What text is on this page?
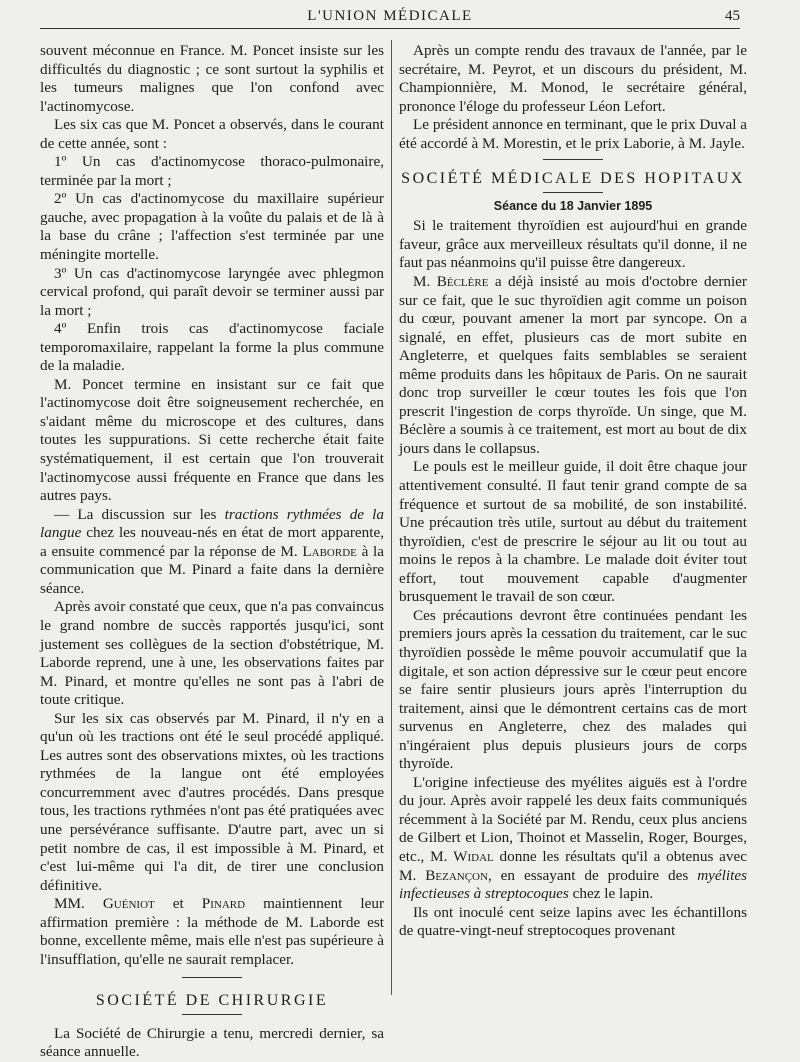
L'UNION MÉDICALE	45

souvent méconnue en France. M. Poncet insiste sur les difficultés du diagnostic ; ce sont surtout la syphilis et les tumeurs malignes que l'on confond avec l'actinomycose.

Les six cas que M. Poncet a observés, dans le courant de cette année, sont :

1º Un cas d'actinomycose thoraco-pulmonaire, terminée par la mort ;

2º Un cas d'actinomycose du maxillaire supérieur gauche, avec propagation à la voûte du palais et de là à la base du crâne ; l'affection s'est terminée par une méningite mortelle.

3º Un cas d'actinomycose laryngée avec phlegmon cervical profond, qui paraît devoir se terminer aussi par la mort ;

4º Enfin trois cas d'actinomycose faciale temporomaxilaire, rappelant la forme la plus commune de la maladie.

M. Poncet termine en insistant sur ce fait que l'actinomycose doit être soigneusement recherchée, en s'aidant même du microscope et des cultures, dans toutes les suppurations. Si cette recherche était faite systématiquement, il est certain que l'on trouverait l'actinomycose aussi fréquente en France que dans les autres pays.

— La discussion sur les tractions rythmées de la langue chez les nouveau-nés en état de mort apparente, a ensuite commencé par la réponse de M. Laborde à la communication que M. Pinard a faite dans la dernière séance.

Après avoir constaté que ceux, que n'a pas convaincus le grand nombre de succès rapportés jusqu'ici, sont justement ses collègues de la section d'obstétrique, M. Laborde reprend, une à une, les observations faites par M. Pinard, et montre qu'elles ne sont pas à l'abri de toute critique.

Sur les six cas observés par M. Pinard, il n'y en a qu'un où les tractions ont été le seul procédé appliqué. Les autres sont des observations mixtes, où les tractions rythmées de la langue ont été employées concurremment avec d'autres procédés. Dans presque tous, les tractions rythmées n'ont pas été pratiquées avec une persévérance suffisante. D'autre part, avec un si petit nombre de cas, il est impossible à M. Pinard, et c'est lui-même qui l'a dit, de tirer une conclusion définitive.

MM. Guéniot et Pinard maintiennent leur affirmation première : la méthode de M. Laborde est bonne, excellente même, mais elle n'est pas supérieure à l'insufflation, qu'elle ne saurait remplacer.

SOCIÉTÉ DE CHIRURGIE

La Société de Chirurgie a tenu, mercredi dernier, sa séance annuelle.

Après un compte rendu des travaux de l'année, par le secrétaire, M. Peyrot, et un discours du président, M. Championnière, M. Monod, le secrétaire général, prononce l'éloge du professeur Léon Lefort.

Le président annonce en terminant, que le prix Duval a été accordé à M. Morestin, et le prix Laborie, à M. Jayle.

SOCIÉTÉ MÉDICALE DES HOPITAUX
Séance du 18 Janvier 1895

Si le traitement thyroïdien est aujourd'hui en grande faveur, grâce aux merveilleux résultats qu'il donne, il ne faut pas néanmoins qu'il puisse être dangereux.

M. Béclère a déjà insisté au mois d'octobre dernier sur ce fait, que le suc thyroïdien agit comme un poison du cœur, pouvant amener la mort par syncope. On a signalé, en effet, plusieurs cas de mort subite en Angleterre, et quelques faits semblables se seraient même produits dans les hôpitaux de Paris. On ne saurait donc trop surveiller le cœur toutes les fois que l'on prescrit l'ingestion de corps thyroïde. Un singe, que M. Béclère a soumis à ce traitement, est mort au bout de dix jours dans le collapsus.

Le pouls est le meilleur guide, il doit être chaque jour attentivement consulté. Il faut tenir grand compte de sa fréquence et surtout de sa mobilité, de son instabilité. Une précaution très utile, surtout au début du traitement thyroïdien, c'est de prescrire le séjour au lit ou tout au moins le repos à la chambre. Le malade doit éviter tout effort, tout mouvement capable d'augmenter brusquement le travail de son cœur.

Ces précautions devront être continuées pendant les premiers jours après la cessation du traitement, car le suc thyroïdien possède le même pouvoir accumulatif que la digitale, et son action dépressive sur le cœur peut encore se faire sentir plusieurs jours après l'interruption du traitement, ainsi que le démontrent certains cas de mort survenus en Angleterre, chez des malades qui n'ingéraient plus depuis plusieurs jours de corps thyroïde.

L'origine infectieuse des myélites aiguës est à l'ordre du jour. Après avoir rappelé les deux faits communiqués récemment à la Société par M. Rendu, ceux plus anciens de Gilbert et Lion, Thoinot et Masselin, Roger, Bourges, etc., M. Widal donne les résultats qu'il a obtenus avec M. Bezançon, en essayant de produire des myélites infectieuses à streptocoques chez le lapin.

Ils ont inoculé cent seize lapins avec les échantillons de quatre-vingt-neuf streptocoques provenant
